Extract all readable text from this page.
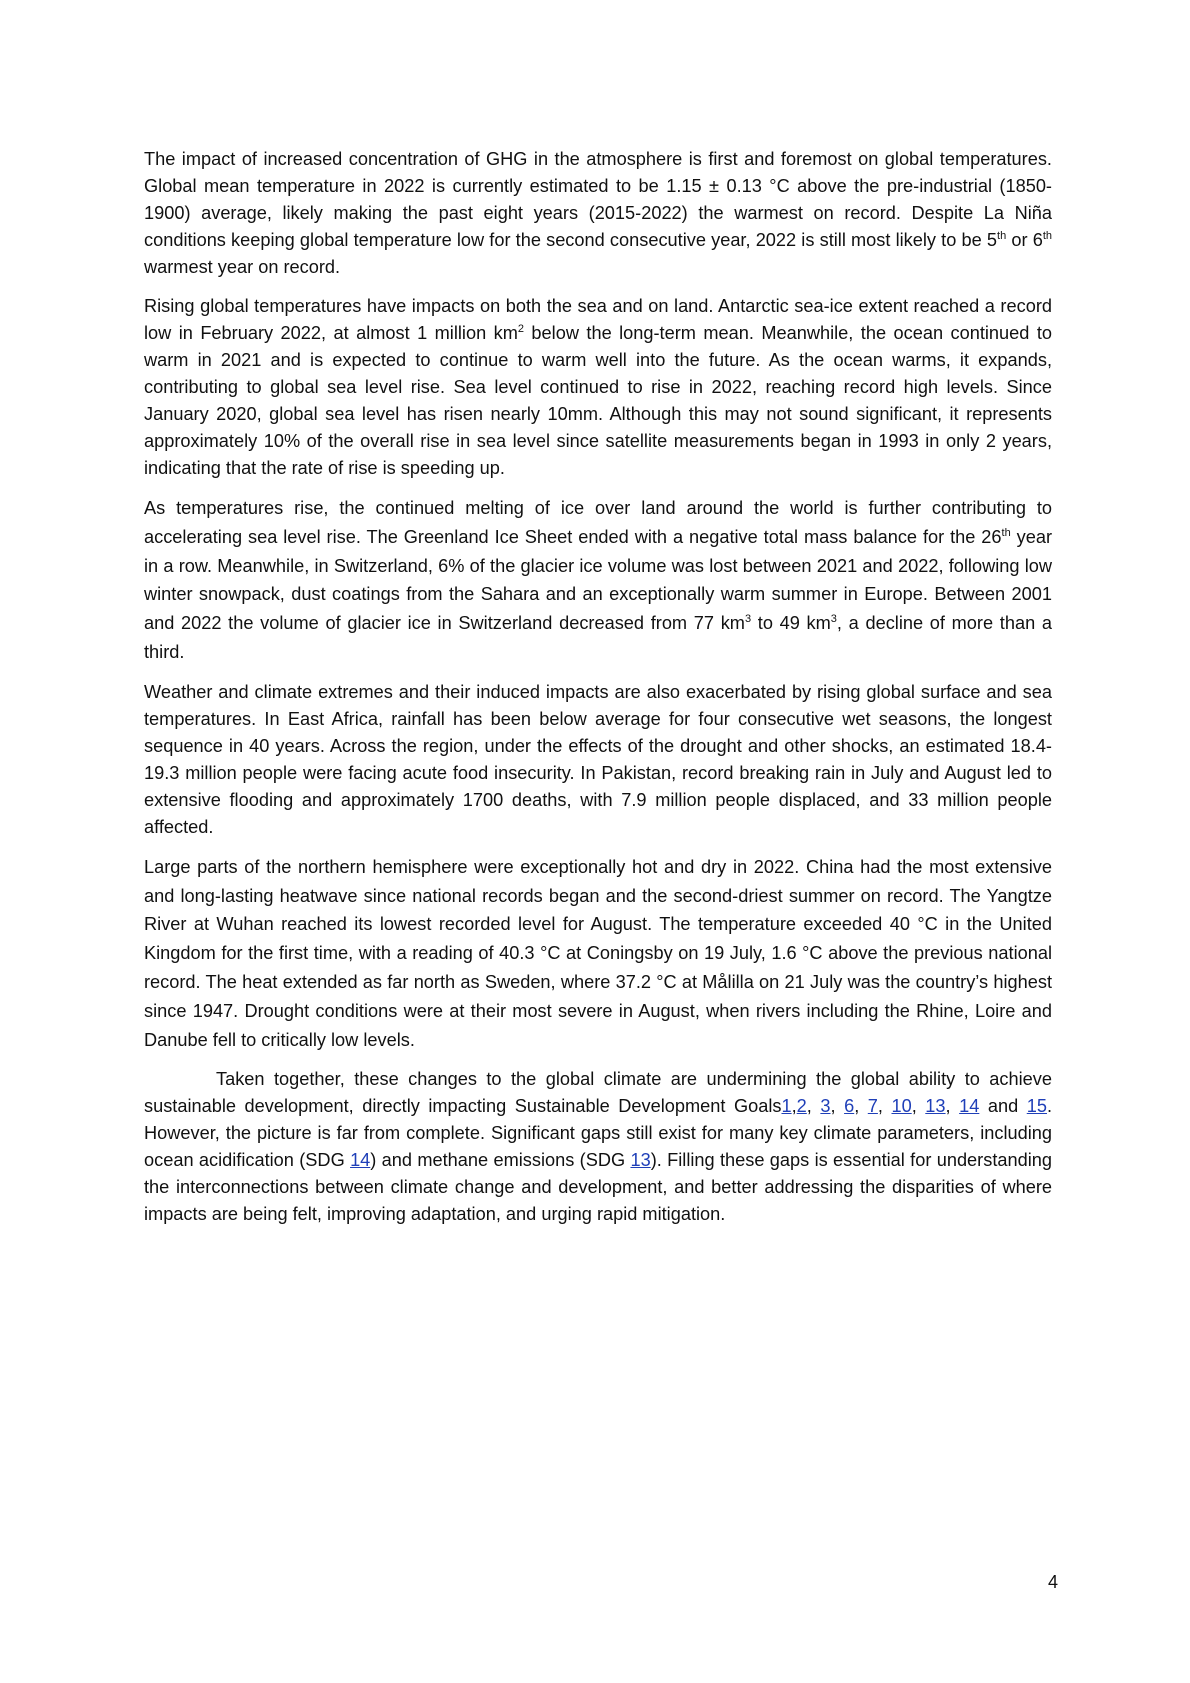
The impact of increased concentration of GHG in the atmosphere is first and foremost on global temperatures. Global mean temperature in 2022 is currently estimated to be 1.15 ± 0.13 °C above the pre-industrial (1850-1900) average, likely making the past eight years (2015-2022) the warmest on record. Despite La Niña conditions keeping global temperature low for the second consecutive year, 2022 is still most likely to be 5th or 6th warmest year on record.

Rising global temperatures have impacts on both the sea and on land. Antarctic sea-ice extent reached a record low in February 2022, at almost 1 million $km^2$ below the long-term mean. Meanwhile, the ocean continued to warm in 2021 and is expected to continue to warm well into the future. As the ocean warms, it expands, contributing to global sea level rise. Sea level continued to rise in 2022, reaching record high levels. Since January 2020, global sea level has risen nearly 10mm. Although this may not sound significant, it represents approximately 10% of the overall rise in sea level since satellite measurements began in 1993 in only 2 years, indicating that the rate of rise is speeding up.

As temperatures rise, the continued melting of ice over land around the world is further contributing to accelerating sea level rise. The Greenland Ice Sheet ended with a negative total mass balance for the 26th year in a row. Meanwhile, in Switzerland, 6% of the glacier ice volume was lost between 2021 and 2022, following low winter snowpack, dust coatings from the Sahara and an exceptionally warm summer in Europe. Between 2001 and 2022 the volume of glacier ice in Switzerland decreased from 77 $km^3$ to 49 $km^3$, a decline of more than a third.

Weather and climate extremes and their induced impacts are also exacerbated by rising global surface and sea temperatures. In East Africa, rainfall has been below average for four consecutive wet seasons, the longest sequence in 40 years. Across the region, under the effects of the drought and other shocks, an estimated 18.4-19.3 million people were facing acute food insecurity. In Pakistan, record breaking rain in July and August led to extensive flooding and approximately 1700 deaths, with 7.9 million people displaced, and 33 million people affected.

Large parts of the northern hemisphere were exceptionally hot and dry in 2022. China had the most extensive and long-lasting heatwave since national records began and the second-driest summer on record. The Yangtze River at Wuhan reached its lowest recorded level for August. The temperature exceeded 40 °C in the United Kingdom for the first time, with a reading of 40.3 °C at Coningsby on 19 July, 1.6 °C above the previous national record. The heat extended as far north as Sweden, where 37.2 °C at Målilla on 21 July was the country’s highest since 1947. Drought conditions were at their most severe in August, when rivers including the Rhine, Loire and Danube fell to critically low levels.

Taken together, these changes to the global climate are undermining the global ability to achieve sustainable development, directly impacting Sustainable Development Goals1,2, 3, 6, 7, 10, 13, 14 and 15. However, the picture is far from complete. Significant gaps still exist for many key climate parameters, including ocean acidification (SDG 14) and methane emissions (SDG 13). Filling these gaps is essential for understanding the interconnections between climate change and development, and better addressing the disparities of where impacts are being felt, improving adaptation, and urging rapid mitigation.

4
